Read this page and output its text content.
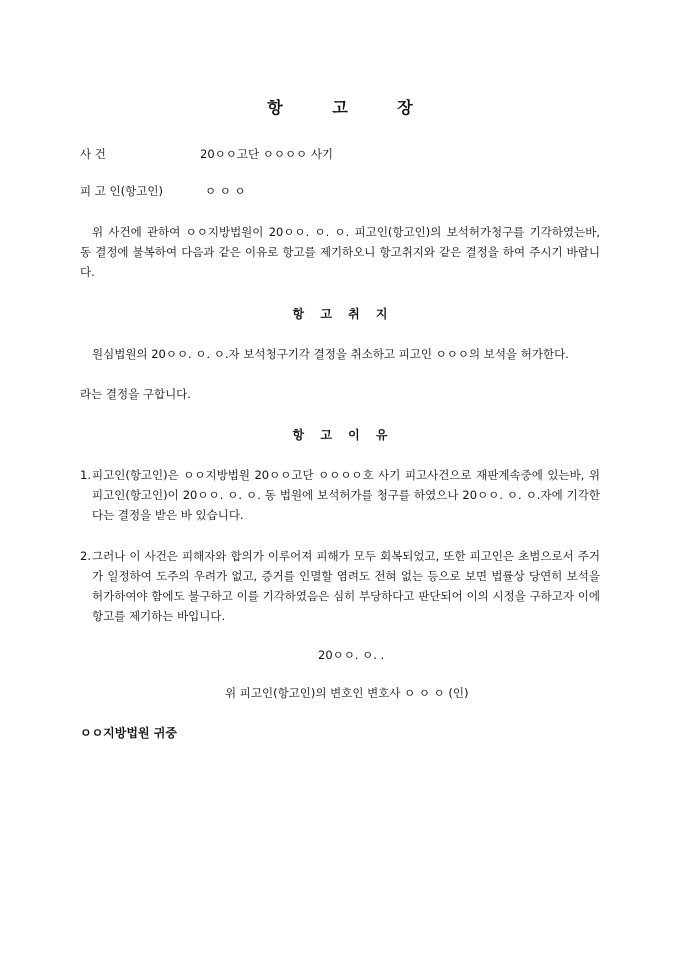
항 고 장
사 건	20ㅇㅇ고단 ㅇㅇㅇㅇ 사기
피 고 인(항고인)	ㅇ ㅇ ㅇ
위 사건에 관하여 ㅇㅇ지방법원이 20ㅇㅇ. ㅇ. ㅇ. 피고인(항고인)의 보석허가청구를 기각하였는바, 동 결정에 불복하여 다음과 같은 이유로 항고를 제기하오니 항고취지와 같은 결정을 하여 주시기 바랍니다.
항 고 취 지
원심법원의 20ㅇㅇ. ㅇ. ㅇ.자 보석청구기각 결정을 취소하고 피고인 ㅇㅇㅇ의 보석을 허가한다.
라는 결정을 구합니다.
항 고 이 유
1. 피고인(항고인)은 ㅇㅇ지방법원 20ㅇㅇ고단 ㅇㅇㅇㅇ호 사기 피고사건으로 재판계속중에 있는바, 위 피고인(항고인)이 20ㅇㅇ. ㅇ. ㅇ. 동 법원에 보석허가를 청구를 하였으나 20ㅇㅇ. ㅇ. ㅇ.자에 기각한다는 결정을 받은 바 있습니다.
2. 그러나 이 사건은 피해자와 합의가 이루어져 피해가 모두 회복되었고, 또한 피고인은 초범으로서 주거가 일정하여 도주의 우려가 없고, 증거를 인멸할 염려도 전혀 없는 등으로 보면 법률상 당연히 보석을 허가하여야 함에도 불구하고 이를 기각하였음은 심히 부당하다고 판단되어 이의 시정을 구하고자 이에 항고를 제기하는 바입니다.
20ㅇㅇ. ㅇ. .
위 피고인(항고인)의 변호인 변호사 ㅇ ㅇ ㅇ (인)
ㅇㅇ지방법원 귀중
